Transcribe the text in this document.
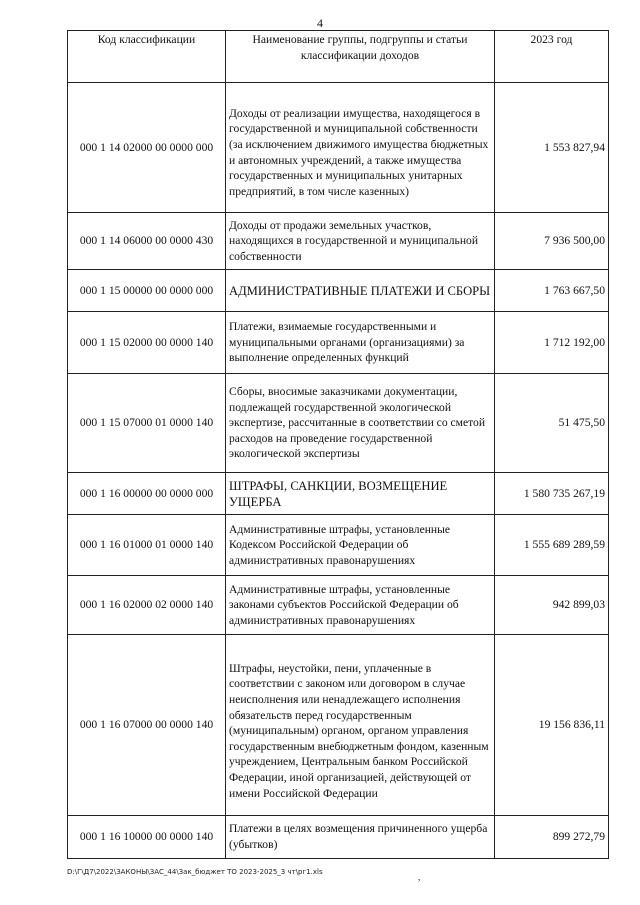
4
Код классификации	Наименование группы, подгруппы и статьи классификации доходов	2023 год
000 1 14 02000 00 0000 000	Доходы от реализации имущества, находящегося в государственной и муниципальной собственности (за исключением движимого имущества бюджетных и автономных учреждений, а также имущества государственных и муниципальных унитарных предприятий, в том числе казенных)	1 553 827,94
000 1 14 06000 00 0000 430	Доходы от продажи земельных участков, находящихся в государственной и муниципальной собственности	7 936 500,00
000 1 15 00000 00 0000 000	АДМИНИСТРАТИВНЫЕ ПЛАТЕЖИ И СБОРЫ	1 763 667,50
000 1 15 02000 00 0000 140	Платежи, взимаемые государственными и муниципальными органами (организациями) за выполнение определенных функций	1 712 192,00
000 1 15 07000 01 0000 140	Сборы, вносимые заказчиками документации, подлежащей государственной экологической экспертизе, рассчитанные в соответствии со сметой расходов на проведение государственной экологической экспертизы	51 475,50
000 1 16 00000 00 0000 000	ШТРАФЫ, САНКЦИИ, ВОЗМЕЩЕНИЕ УЩЕРБА	1 580 735 267,19
000 1 16 01000 01 0000 140	Административные штрафы, установленные Кодексом Российской Федерации об административных правонарушениях	1 555 689 289,59
000 1 16 02000 02 0000 140	Административные штрафы, установленные законами субъектов Российской Федерации об административных правонарушениях	942 899,03
000 1 16 07000 00 0000 140	Штрафы, неустойки, пени, уплаченные в соответствии с законом или договором в случае неисполнения или ненадлежащего исполнения обязательств перед государственным (муниципальным) органом, органом управления государственным внебюджетным фондом, казенным учреждением, Центральным банком Российской Федерации, иной организацией, действующей от имени Российской Федерации	19 156 836,11
000 1 16 10000 00 0000 140	Платежи в целях возмещения причиненного ущерба (убытков)	899 272,79
D:\Г\Д7\2022\ЗАКОНЫ\ЗАС_44\Зак_бюджет ТО 2023-2025_3 чт\рг1.xls	,
